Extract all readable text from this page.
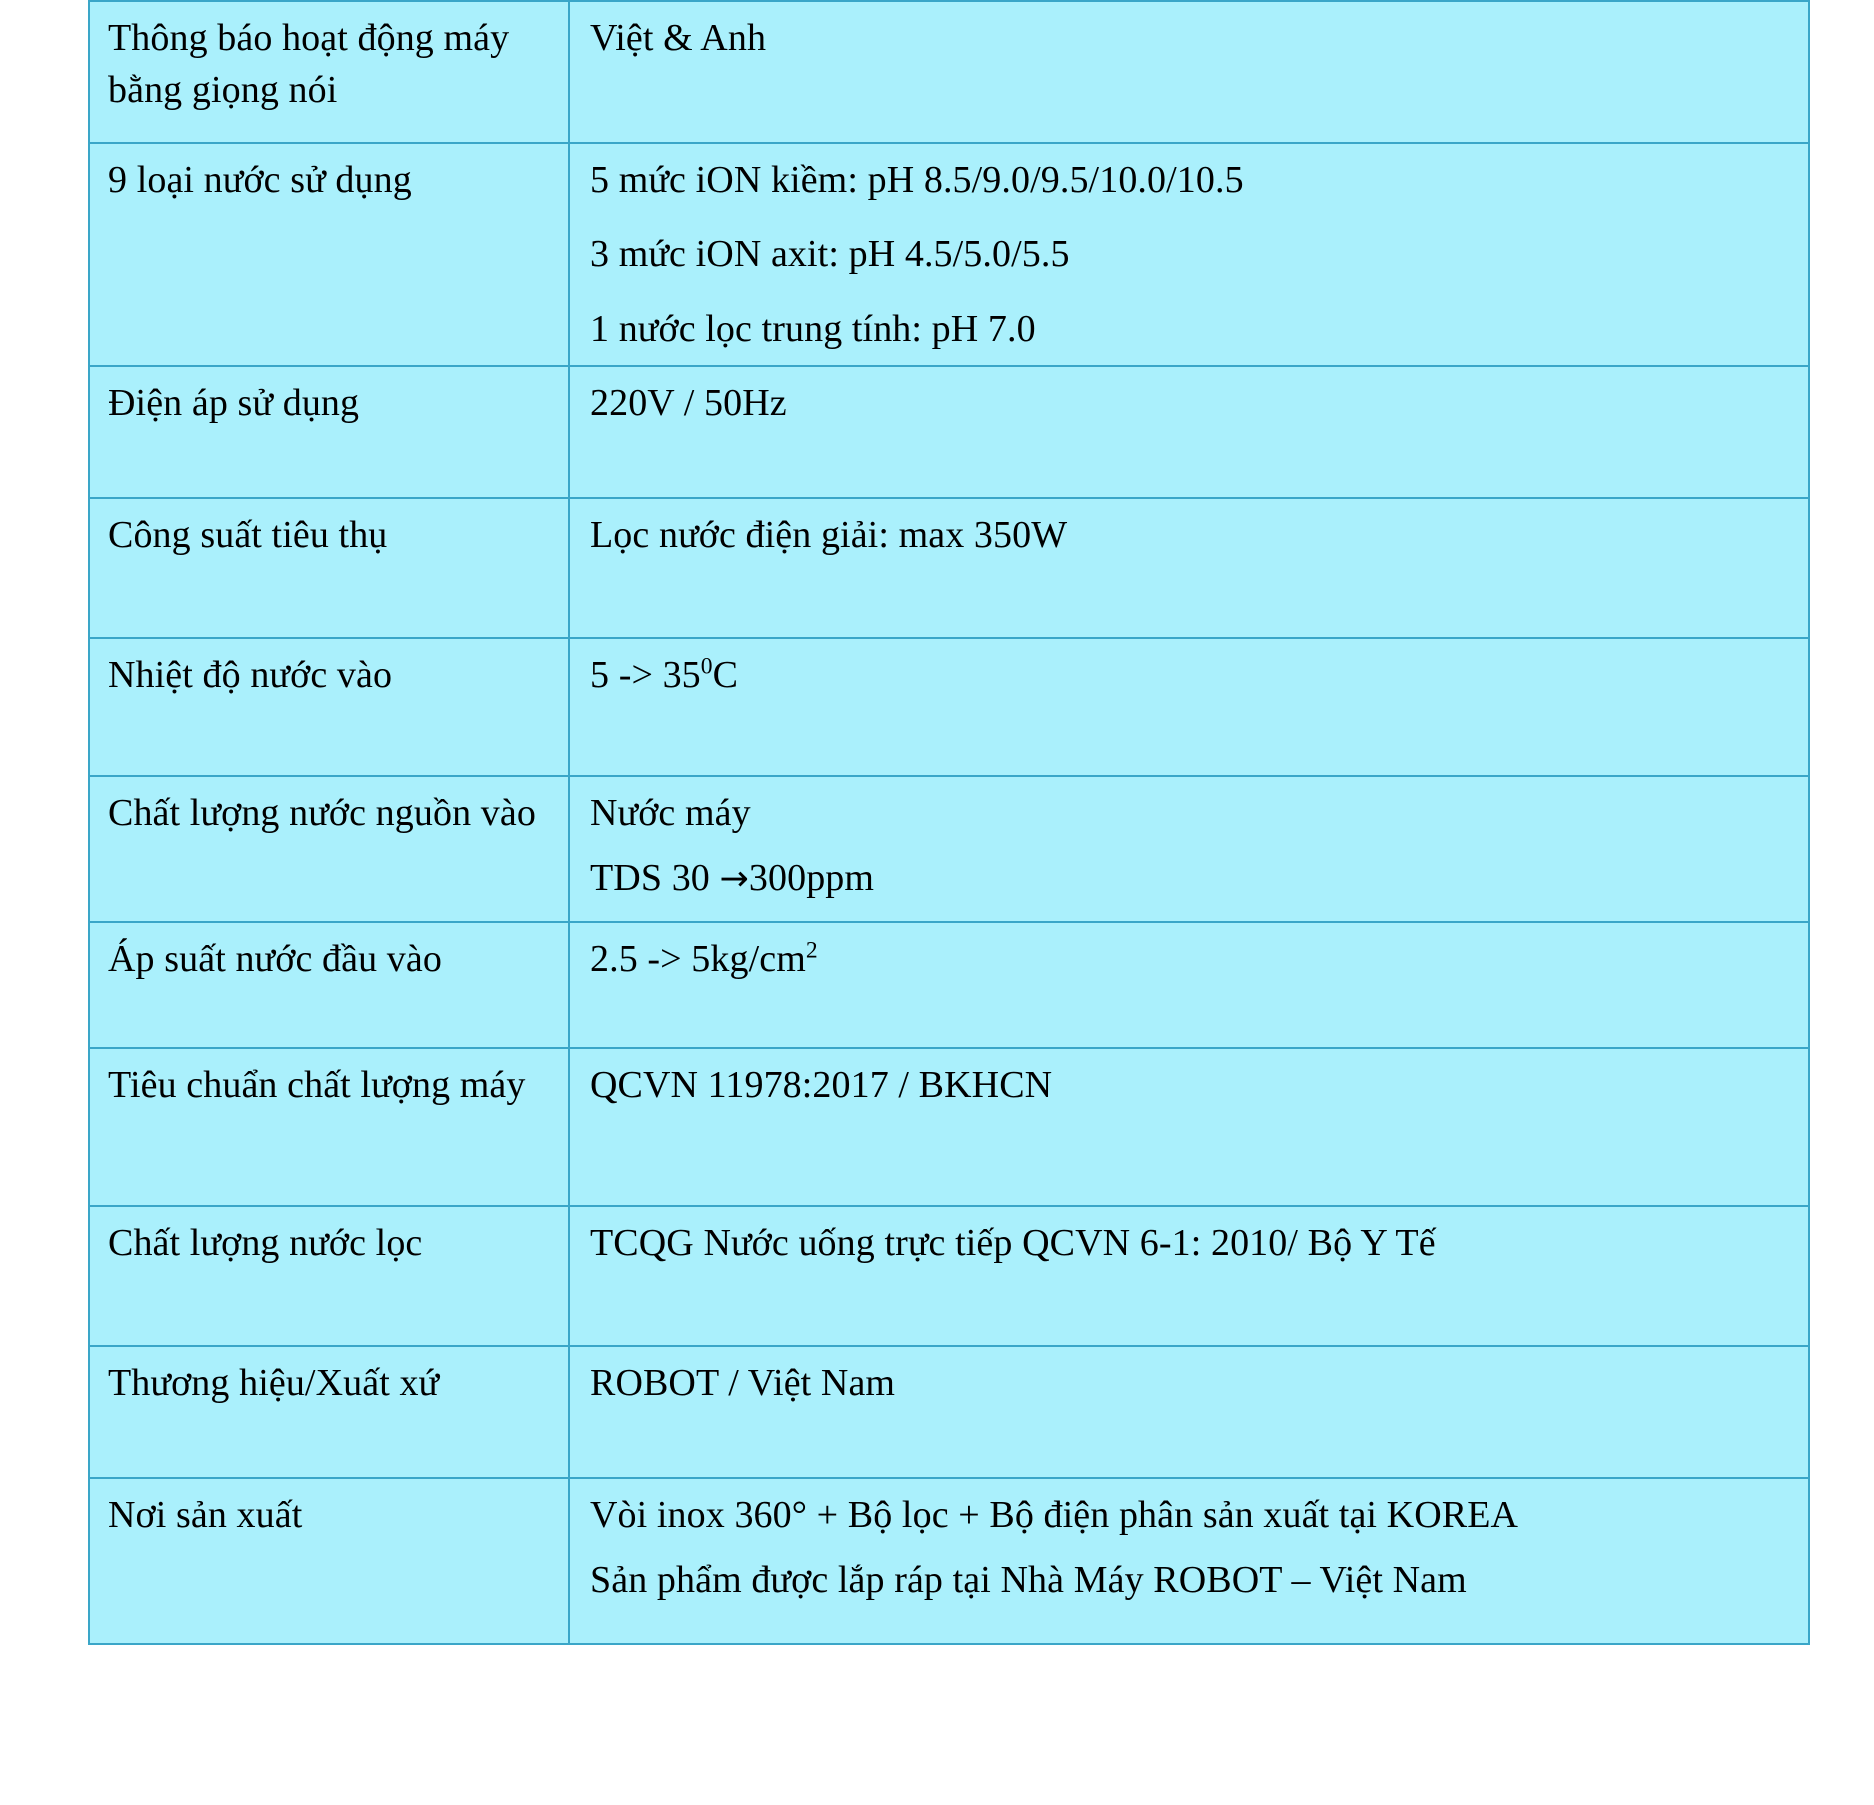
Thông báo hoạt động máy bằng giọng nói	Việt & Anh

9 loại nước sử dụng	5 mức iON kiềm: pH 8.5/9.0/9.5/10.0/10.5
3 mức iON axit: pH 4.5/5.0/5.5
1 nước lọc trung tính: pH 7.0

Điện áp sử dụng	220V / 50Hz

Công suất tiêu thụ	Lọc nước điện giải: max 350W

Nhiệt độ nước vào	$5 -> 35^0C$
Chất lượng nước nguồn vào	Nước máy
TDS 30 →300ppm

Áp suất nước đầu vào	$2.5 -> 5kg/cm^2$
Tiêu chuẩn chất lượng máy	QCVN 11978:2017 / BKHCN

Chất lượng nước lọc	TCQG Nước uống trực tiếp QCVN 6-1: 2010/ Bộ Y Tế

Thương hiệu/Xuất xứ	ROBOT / Việt Nam

Nơi sản xuất	Vòi inox 360° + Bộ lọc + Bộ điện phân sản xuất tại KOREA
Sản phẩm được lắp ráp tại Nhà Máy ROBOT – Việt Nam
